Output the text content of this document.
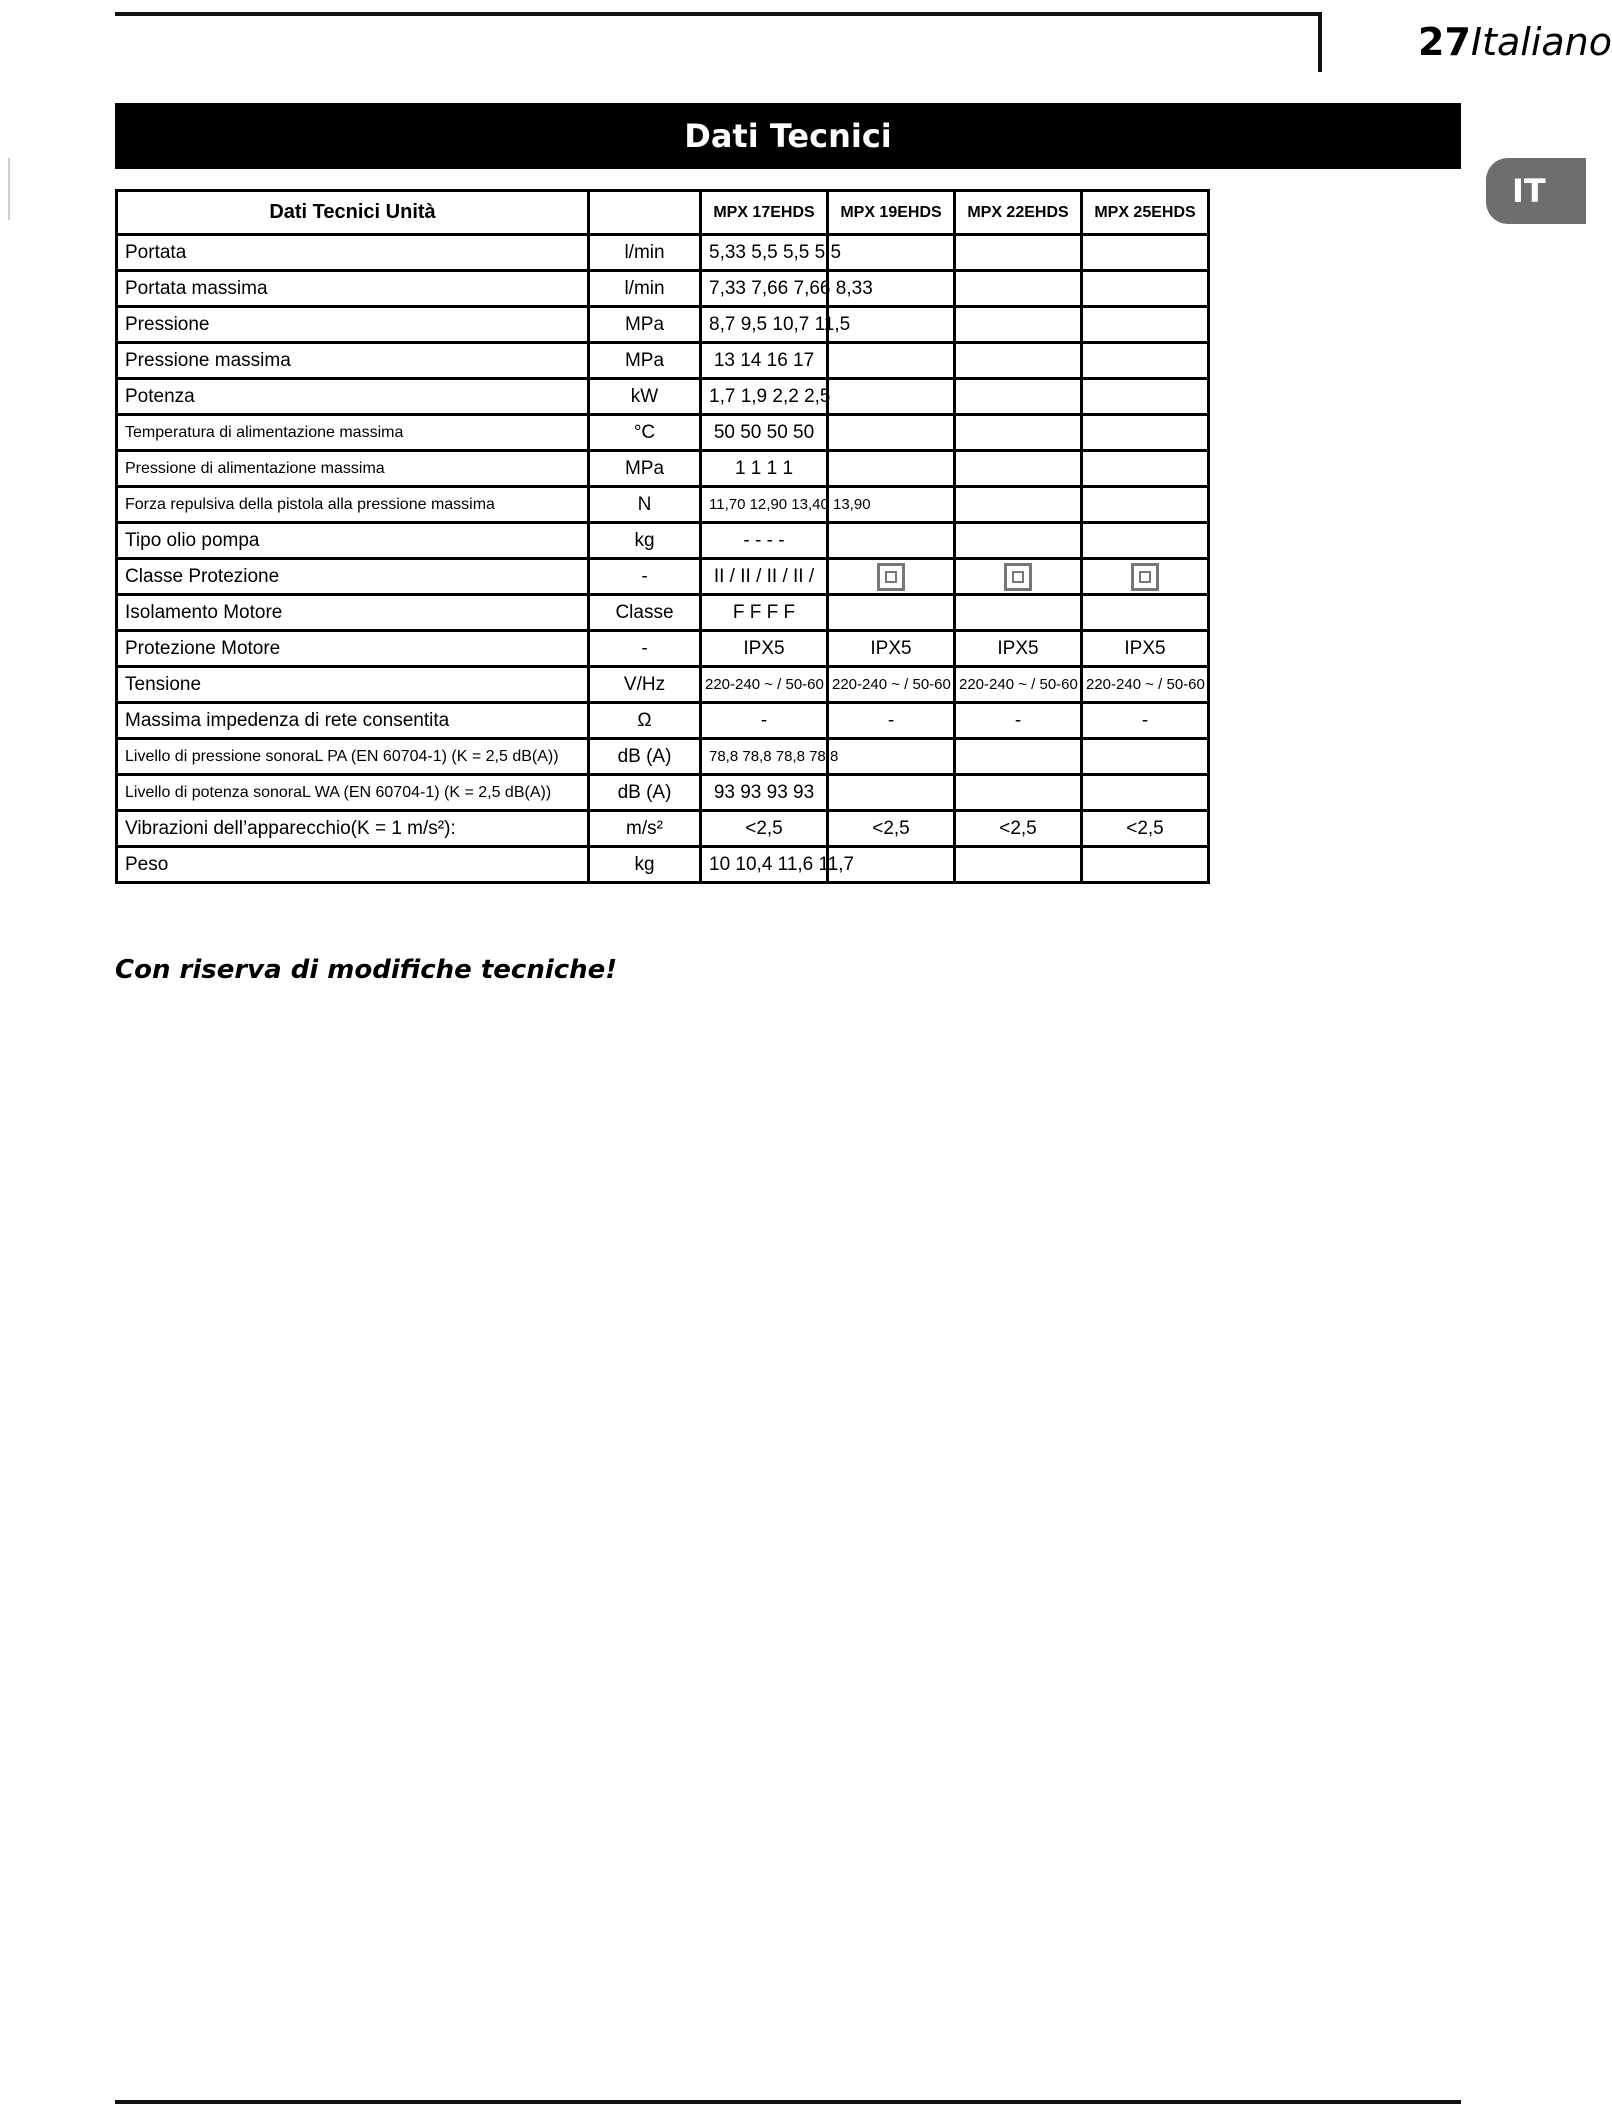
27Italiano
IT
Dati Tecnici
Dati Tecnici Unità		MPX 17EHDS	MPX 19EHDS	MPX 22EHDS	MPX 25EHDS
Portata	l/min	5,33 5,5 5,5 5,5			
Portata massima	l/min	7,33 7,66 7,66 8,33			
Pressione	MPa	8,7 9,5 10,7 11,5			
Pressione massima	MPa	13 14 16 17			
Potenza	kW	1,7 1,9 2,2 2,5			
Temperatura di alimentazione massima	°C	50 50 50 50			
Pressione di alimentazione massima	MPa	1 1 1 1			
Forza repulsiva della pistola alla pressione massima	N	11,70 12,90 13,40 13,90			
Tipo olio pompa	kg	- - - -			
Classe Protezione	-	II / II / II / II /			
Isolamento Motore	Classe	F F F F			
Protezione Motore	-	IPX5	IPX5	IPX5	IPX5
Tensione	V/Hz	220-240 ~ / 50-60	220-240 ~ / 50-60	220-240 ~ / 50-60	220-240 ~ / 50-60
Massima impedenza di rete consentita	Ω	-	-	-	-
Livello di pressione sonoraL PA (EN 60704-1) (K = 2,5 dB(A))	dB (A)	78,8 78,8 78,8 78,8			
Livello di potenza sonoraL WA (EN 60704-1) (K = 2,5 dB(A))	dB (A)	93 93 93 93			
Vibrazioni dell’apparecchio(K = 1 m/s²):	m/s²	<2,5	<2,5	<2,5	<2,5
Peso	kg	10 10,4 11,6 11,7			
Con riserva di modifiche tecniche!
